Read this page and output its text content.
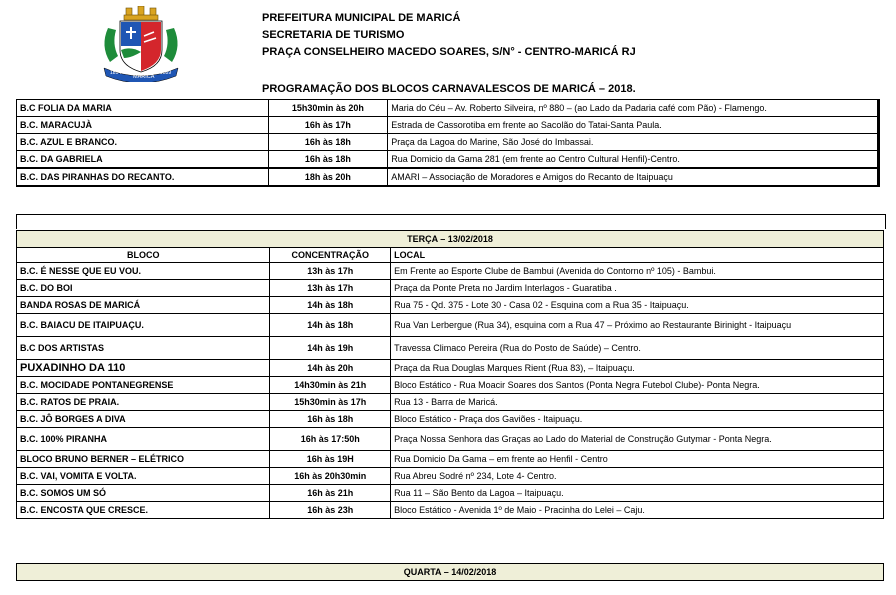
1814
MARICÁ
1889
PREFEITURA MUNICIPAL DE MARICÁ
SECRETARIA DE TURISMO
PRAÇA CONSELHEIRO MACEDO SOARES, S/N° - CENTRO-MARICÁ RJ
PROGRAMAÇÃO DOS BLOCOS CARNAVALESCOS DE MARICÁ – 2018.
B.C FOLIA DA MARIA	15h30min às 20h	Maria do Céu – Av. Roberto Silveira, nº 880 – (ao Lado da Padaria café com Pão) - Flamengo.
B.C. MARACUJÀ	16h às 17h	Estrada de Cassorotiba em frente ao Sacolão do Tatai-Santa Paula.
B.C. AZUL E BRANCO.	16h às 18h	Praça da Lagoa do Marine, São José do Imbassai.
B.C. DA GABRIELA	16h às 18h	Rua Domicio da Gama 281 (em frente ao Centro Cultural Henfil)-Centro.
B.C. DAS PIRANHAS DO RECANTO.	18h às 20h	AMARI – Associação de Moradores e Amigos do Recanto de Itaipuaçu
TERÇA – 13/02/2018		
BLOCO	CONCENTRAÇÃO	LOCAL
B.C. É NESSE QUE EU VOU.	13h às 17h	Em Frente ao Esporte Clube de Bambui (Avenida do Contorno nº 105) - Bambui.
B.C. DO BOI	13h às 17h	Praça da Ponte Preta no Jardim Interlagos - Guaratiba .
BANDA ROSAS DE MARICÁ	14h às 18h	Rua 75 - Qd. 375 - Lote 30 - Casa 02 - Esquina com a Rua 35 - Itaipuaçu.
B.C. BAIACU DE ITAIPUAÇU.	14h às 18h	Rua Van Lerbergue (Rua 34), esquina com a Rua 47 – Próximo ao Restaurante Birinight - Itaipuaçu
B.C DOS ARTISTAS	14h às 19h	Travessa Climaco Pereira (Rua do Posto de Saúde) – Centro.
PUXADINHO DA 110	14h às 20h	Praça da Rua Douglas Marques Rient (Rua 83), – Itaipuaçu.
B.C. MOCIDADE PONTANEGRENSE	14h30min às 21h	Bloco Estático - Rua Moacir Soares dos Santos (Ponta Negra Futebol Clube)- Ponta Negra.
B.C. RATOS DE PRAIA.	15h30min às 17h	Rua 13 - Barra de Maricá.
B.C. JÔ BORGES A DIVA	16h às 18h	Bloco Estático - Praça dos Gaviões - Itaipuaçu.
B.C. 100% PIRANHA	16h às 17:50h	Praça Nossa Senhora das Graças ao Lado do Material de Construção Gutymar - Ponta Negra.
BLOCO BRUNO BERNER – ELÉTRICO	16h às 19H	Rua Domicio Da Gama – em frente ao Henfil - Centro
B.C. VAI, VOMITA E VOLTA.	16h às 20h30min	Rua Abreu Sodré nº 234, Lote 4- Centro.
B.C. SOMOS UM SÓ	16h às 21h	Rua 11 – São Bento da Lagoa – Itaipuaçu.
B.C. ENCOSTA QUE CRESCE.	16h às 23h	Bloco Estático - Avenida 1º de Maio - Pracinha do Lelei – Caju.
QUARTA – 14/02/2018
